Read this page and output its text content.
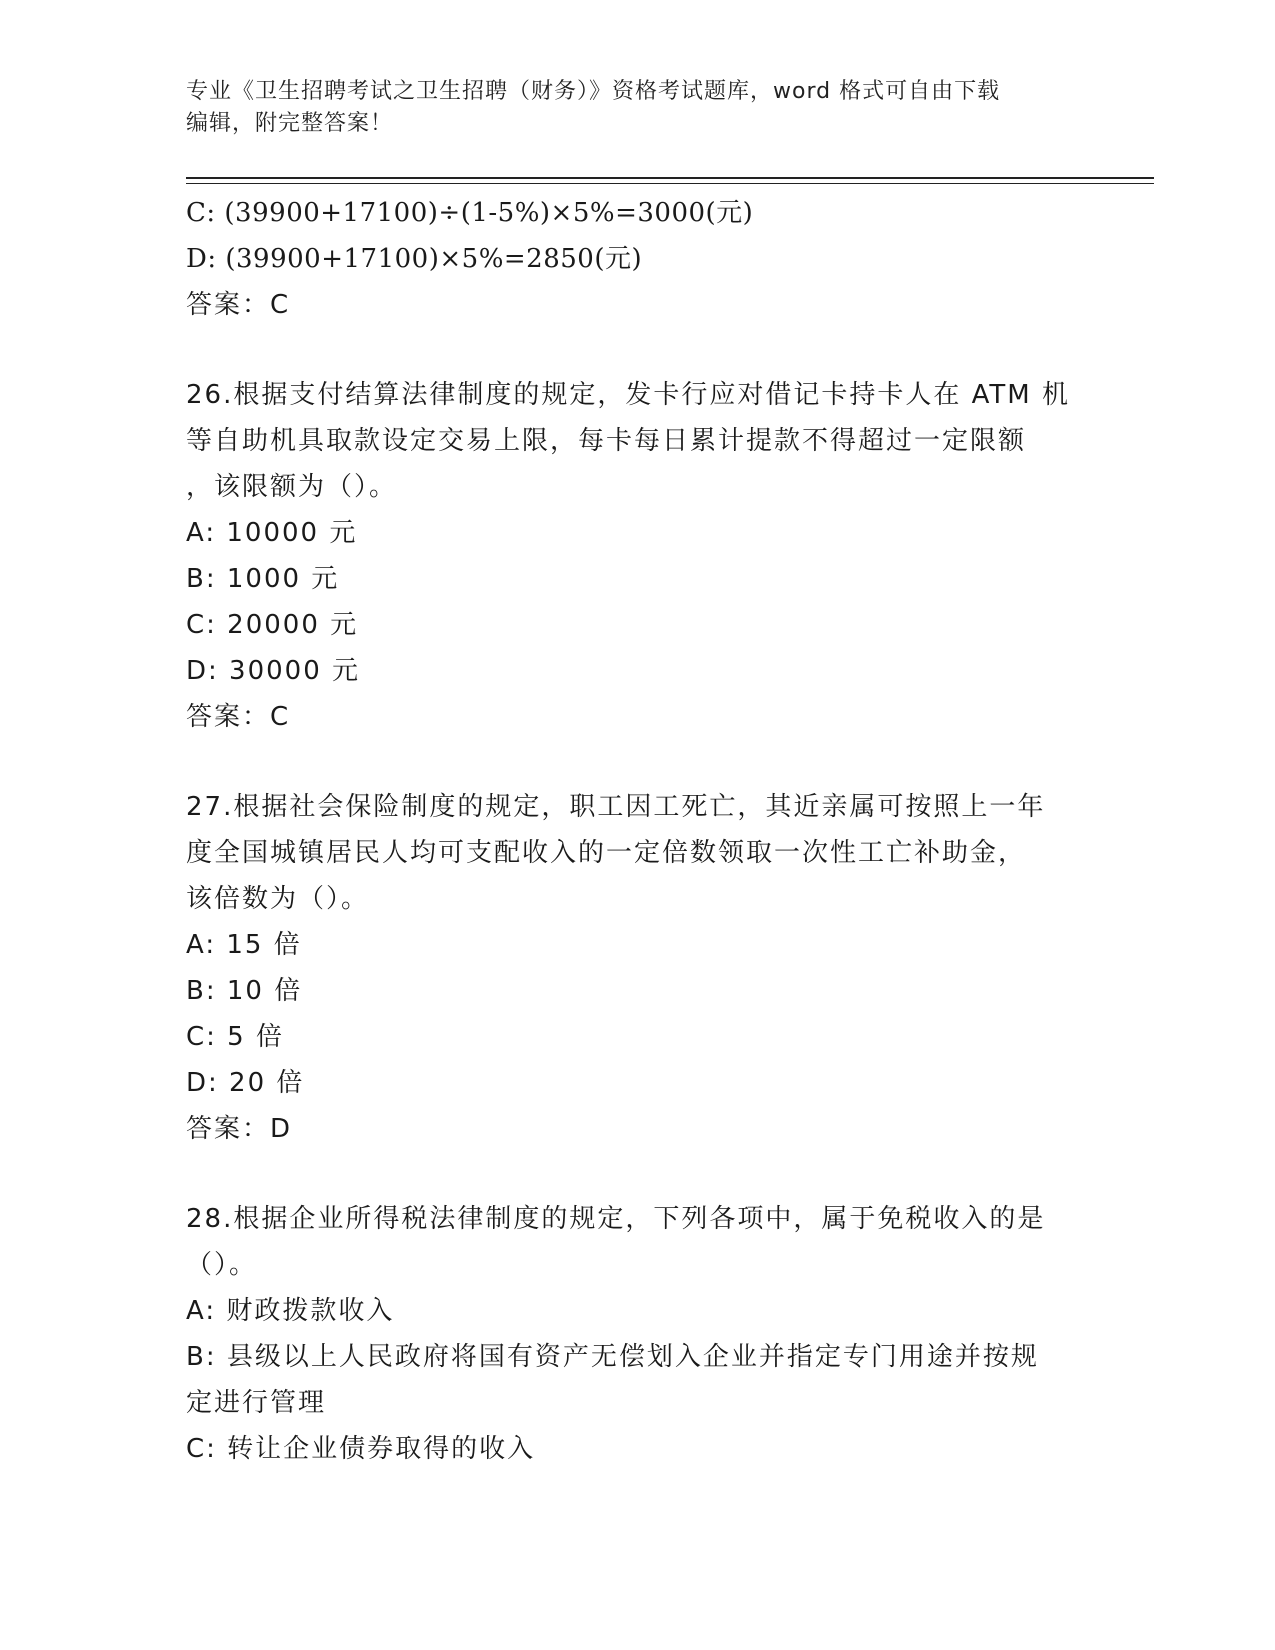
专业《卫生招聘考试之卫生招聘（财务）》资格考试题库，word 格式可自由下载
编辑，附完整答案！
C: (39900+17100)÷(1-5%)×5%=3000(元)
D: (39900+17100)×5%=2850(元)
答案：C
26.根据支付结算法律制度的规定，发卡行应对借记卡持卡人在 ATM 机
等自助机具取款设定交易上限，每卡每日累计提款不得超过一定限额
，该限额为（）。
A: 10000 元
B: 1000 元
C: 20000 元
D: 30000 元
答案：C
27.根据社会保险制度的规定，职工因工死亡，其近亲属可按照上一年
度全国城镇居民人均可支配收入的一定倍数领取一次性工亡补助金，
该倍数为（）。
A: 15 倍
B: 10 倍
C: 5 倍
D: 20 倍
答案：D
28.根据企业所得税法律制度的规定，下列各项中，属于免税收入的是
（）。
A: 财政拨款收入
B: 县级以上人民政府将国有资产无偿划入企业并指定专门用途并按规
定进行管理
C: 转让企业债券取得的收入
